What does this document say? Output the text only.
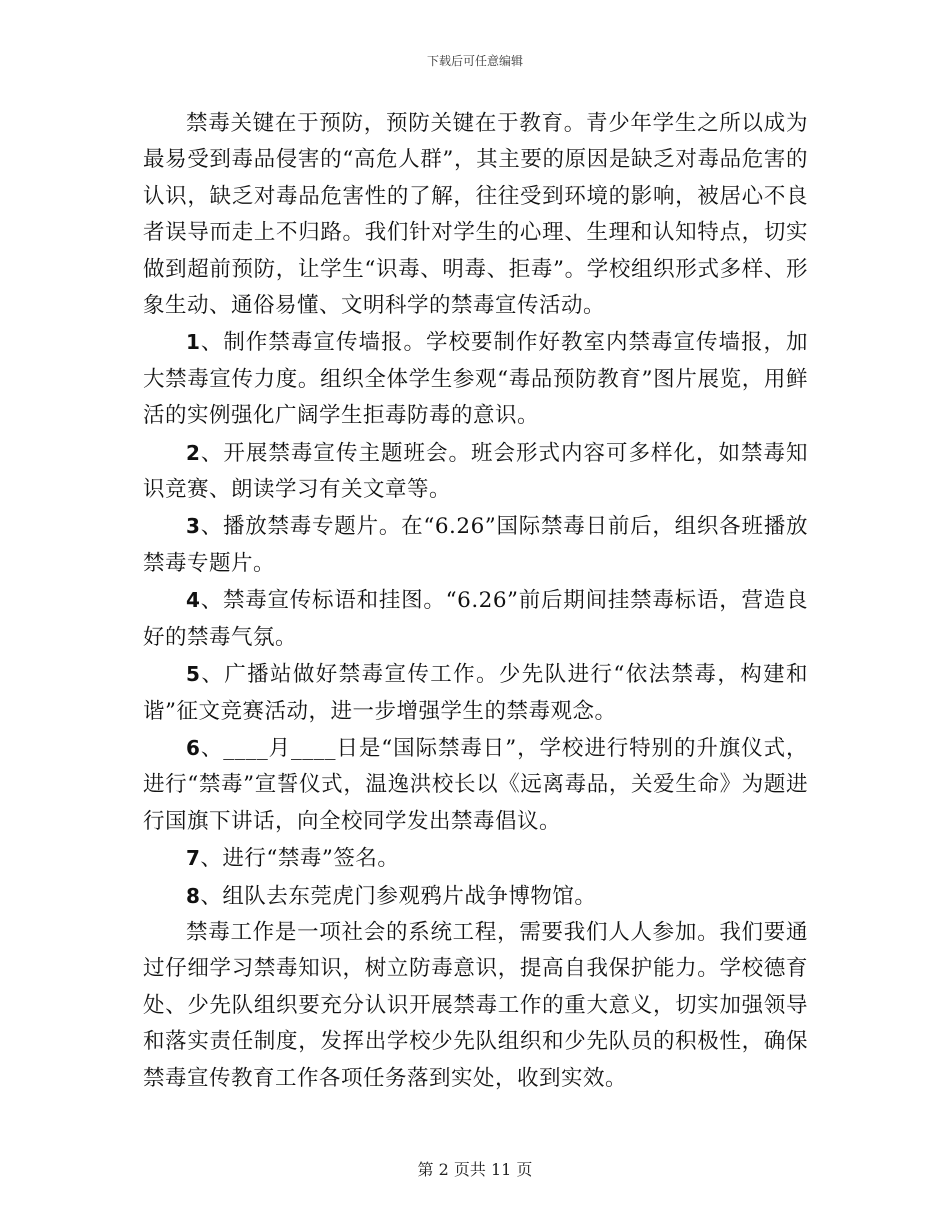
下载后可任意编辑

禁毒关键在于预防，预防关键在于教育。青少年学生之所以成为最易受到毒品侵害的“高危人群”，其主要的原因是缺乏对毒品危害的认识，缺乏对毒品危害性的了解，往往受到环境的影响，被居心不良者误导而走上不归路。我们针对学生的心理、生理和认知特点，切实做到超前预防，让学生“识毒、明毒、拒毒”。学校组织形式多样、形象生动、通俗易懂、文明科学的禁毒宣传活动。

1、制作禁毒宣传墙报。学校要制作好教室内禁毒宣传墙报，加大禁毒宣传力度。组织全体学生参观“毒品预防教育”图片展览，用鲜活的实例强化广阔学生拒毒防毒的意识。

2、开展禁毒宣传主题班会。班会形式内容可多样化，如禁毒知识竞赛、朗读学习有关文章等。

3、播放禁毒专题片。在“6.26”国际禁毒日前后，组织各班播放禁毒专题片。

4、禁毒宣传标语和挂图。“6.26”前后期间挂禁毒标语，营造良好的禁毒气氛。

5、广播站做好禁毒宣传工作。少先队进行“依法禁毒，构建和谐”征文竞赛活动，进一步增强学生的禁毒观念。

6、____月____日是“国际禁毒日”，学校进行特别的升旗仪式，进行“禁毒”宣誓仪式，温逸洪校长以《远离毒品，关爱生命》为题进行国旗下讲话，向全校同学发出禁毒倡议。

7、进行“禁毒”签名。

8、组队去东莞虎门参观鸦片战争博物馆。

禁毒工作是一项社会的系统工程，需要我们人人参加。我们要通过仔细学习禁毒知识，树立防毒意识，提高自我保护能力。学校德育处、少先队组织要充分认识开展禁毒工作的重大意义，切实加强领导和落实责任制度，发挥出学校少先队组织和少先队员的积极性，确保禁毒宣传教育工作各项任务落到实处，收到实效。

第 2 页共 11 页
